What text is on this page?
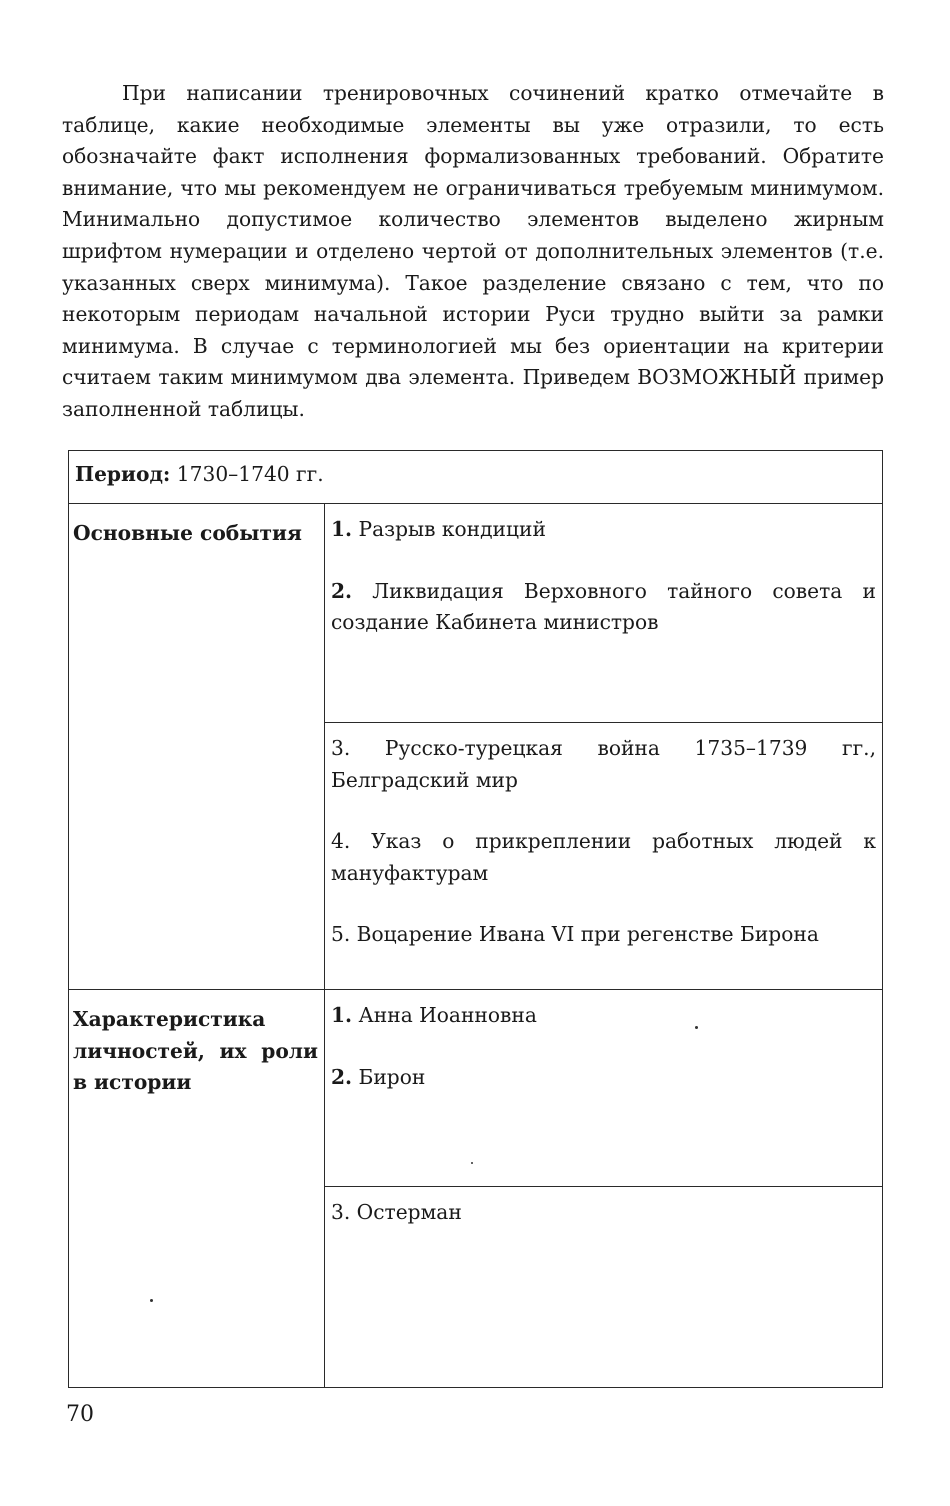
При написании тренировочных сочинений кратко отмечайте в таблице, какие необходимые элементы вы уже отразили, то есть обозначайте факт исполнения формализованных требований. Обратите внимание, что мы рекомендуем не ограничиваться требуемым минимумом. Минимально допустимое количество элементов выделено жирным шрифтом нумерации и отделено чертой от дополнительных элементов (т.е. указанных сверх минимума). Такое разделение связано с тем, что по некоторым периодам начальной истории Руси трудно выйти за рамки минимума. В случае с терминологией мы без ориентации на критерии считаем таким минимумом два элемента. Приведем ВОЗМОЖНЫЙ пример заполненной таблицы.

Период: 1730–1740 гг.	
Основные события	1. Разрыв кондиций

2. Ликвидация Верховного тайного совета и создание Кабинета министров

	3. Русско-турецкая война 1735–1739 гг., Белградский мир

4. Указ о прикреплении работных людей к мануфактурам

5. Воцарение Ивана VI при регенстве Бирона

Характеристика личностей, их роли в истории	1. Анна Иоанновна

2. Бирон

	3. Остерман

70
